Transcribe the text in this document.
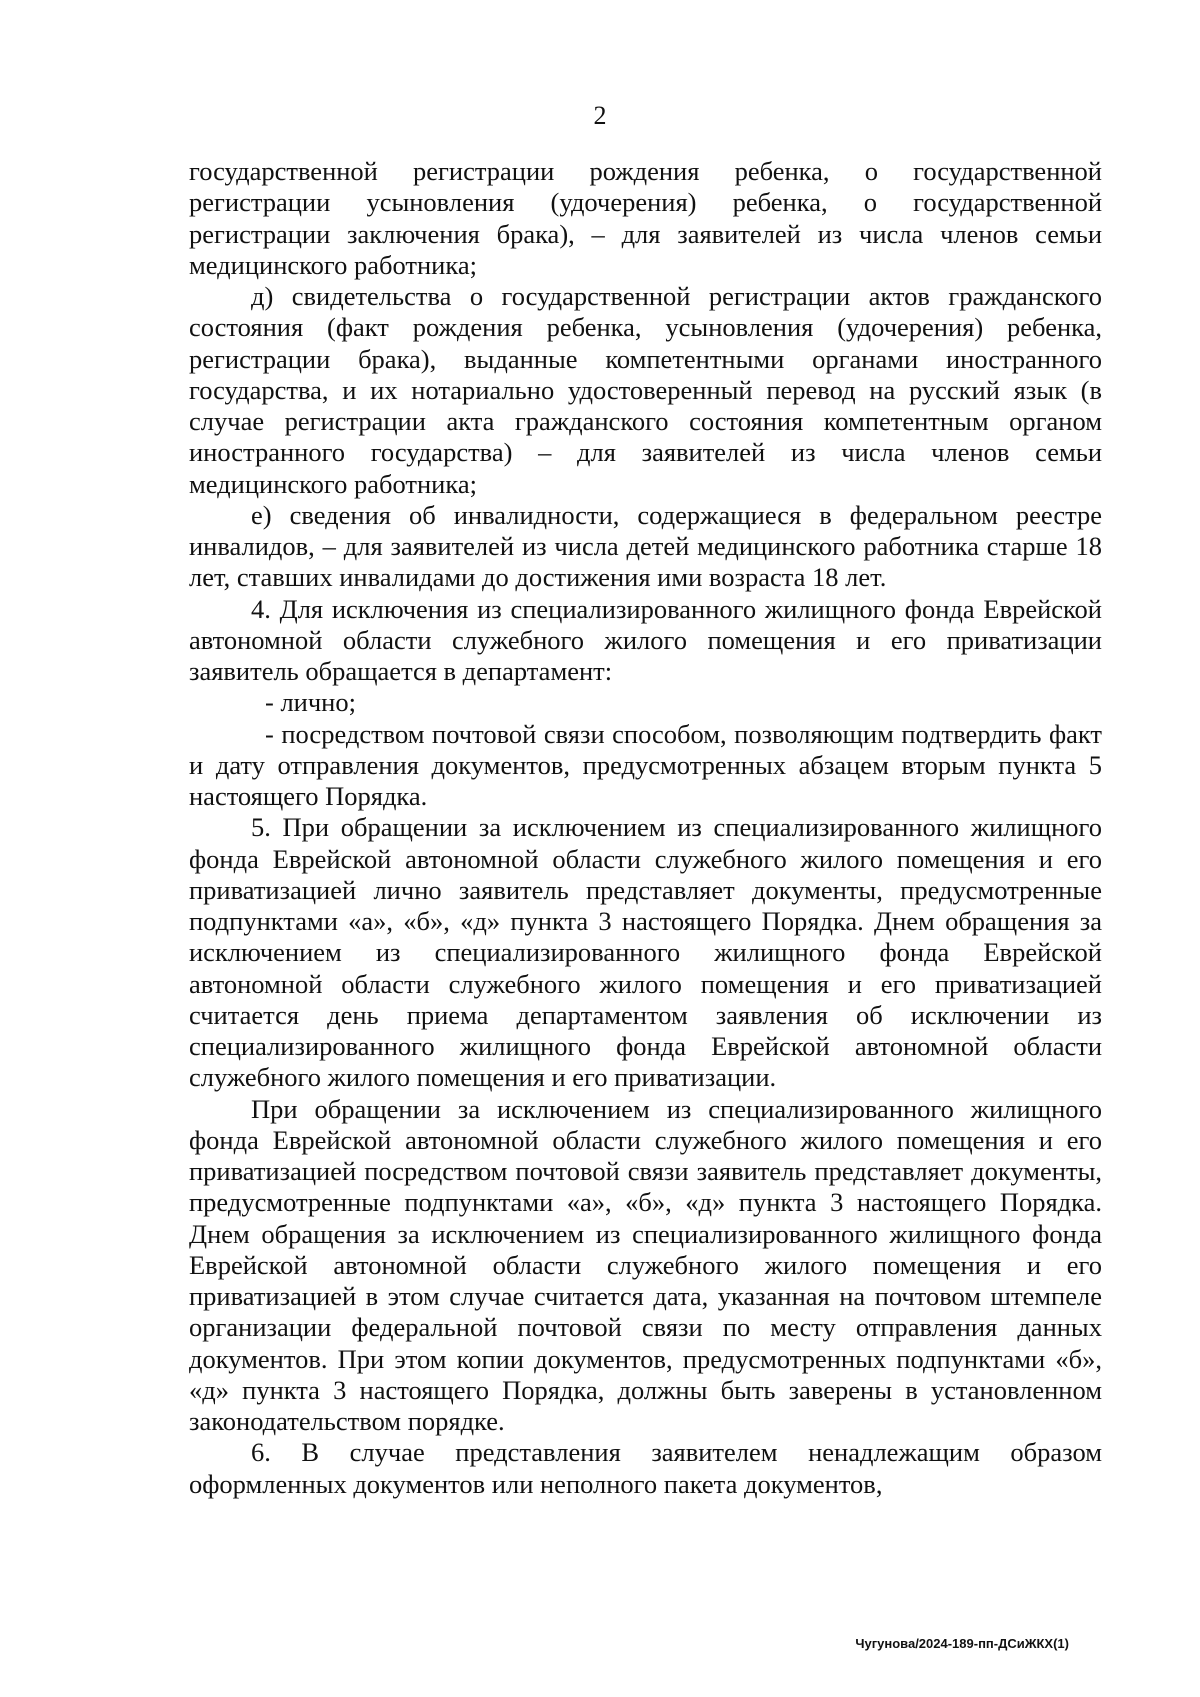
2

государственной регистрации рождения ребенка, о государственной регистрации усыновления (удочерения) ребенка, о государственной регистрации заключения брака), – для заявителей из числа членов семьи медицинского работника;

д) свидетельства о государственной регистрации актов гражданского состояния (факт рождения ребенка, усыновления (удочерения) ребенка, регистрации брака), выданные компетентными органами иностранного государства, и их нотариально удостоверенный перевод на русский язык (в случае регистрации акта гражданского состояния компетентным органом иностранного государства) – для заявителей из числа членов семьи медицинского работника;

е) сведения об инвалидности, содержащиеся в федеральном реестре инвалидов, – для заявителей из числа детей медицинского работника старше 18 лет, ставших инвалидами до достижения ими возраста 18 лет.

4. Для исключения из специализированного жилищного фонда Еврейской автономной области служебного жилого помещения и его приватизации заявитель обращается в департамент:

- лично;

- посредством почтовой связи способом, позволяющим подтвердить факт и дату отправления документов, предусмотренных абзацем вторым пункта 5 настоящего Порядка.

5. При обращении за исключением из специализированного жилищного фонда Еврейской автономной области служебного жилого помещения и его приватизацией лично заявитель представляет документы, предусмотренные подпунктами «а», «б», «д» пункта 3 настоящего Порядка. Днем обращения за исключением из специализированного жилищного фонда Еврейской автономной области служебного жилого помещения и его приватизацией считается день приема департаментом заявления об исключении из специализированного жилищного фонда Еврейской автономной области служебного жилого помещения и его приватизации.

При обращении за исключением из специализированного жилищного фонда Еврейской автономной области служебного жилого помещения и его приватизацией посредством почтовой связи заявитель представляет документы, предусмотренные подпунктами «а», «б», «д» пункта 3 настоящего Порядка. Днем обращения за исключением из специализированного жилищного фонда Еврейской автономной области служебного жилого помещения и его приватизацией в этом случае считается дата, указанная на почтовом штемпеле организации федеральной почтовой связи по месту отправления данных документов. При этом копии документов, предусмотренных подпунктами «б», «д» пункта 3 настоящего Порядка, должны быть заверены в установленном законодательством порядке.

6. В случае представления заявителем ненадлежащим образом оформленных документов или неполного пакета документов,

Чугунова/2024-189-пп-ДСиЖКХ(1)
